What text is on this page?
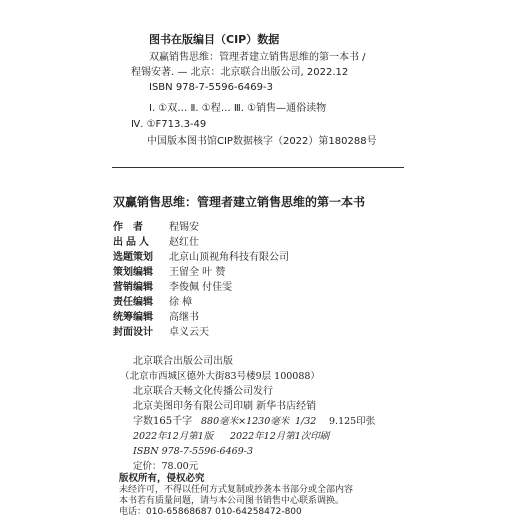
图书在版编目（CIP）数据
双赢销售思维：管理者建立销售思维的第一本书 /
程锡安著. — 北京：北京联合出版公司, 2022.12
ISBN 978-7-5596-6469-3
Ⅰ. ①双… Ⅱ. ①程… Ⅲ. ①销售—通俗读物
Ⅳ. ①F713.3-49
中国版本图书馆CIP数据核字（2022）第180288号
双赢销售思维：管理者建立销售思维的第一本书
作者 程锡安
出品人 赵红仕
选题策划 北京山顶视角科技有限公司
策划编辑 王留全 叶 赞
营销编辑 李俊佩 付佳雯
责任编辑 徐 樟
统筹编辑 高继书
封面设计 卓义云天
北京联合出版公司出版
（北京市西城区德外大街83号楼9层 100088）
北京联合天畅文化传播公司发行
北京美图印务有限公司印刷 新华书店经销
字数165千字 880毫米×1230毫米 1/32 9.125印张
2022年12月第1版 2022年12月第1次印刷
ISBN 978-7-5596-6469-3
定价：78.00元
版权所有，侵权必究
未经许可，不得以任何方式复制或抄袭本书部分或全部内容
本书若有质量问题，请与本公司图书销售中心联系调换。
电话：010-65868687 010-64258472-800
